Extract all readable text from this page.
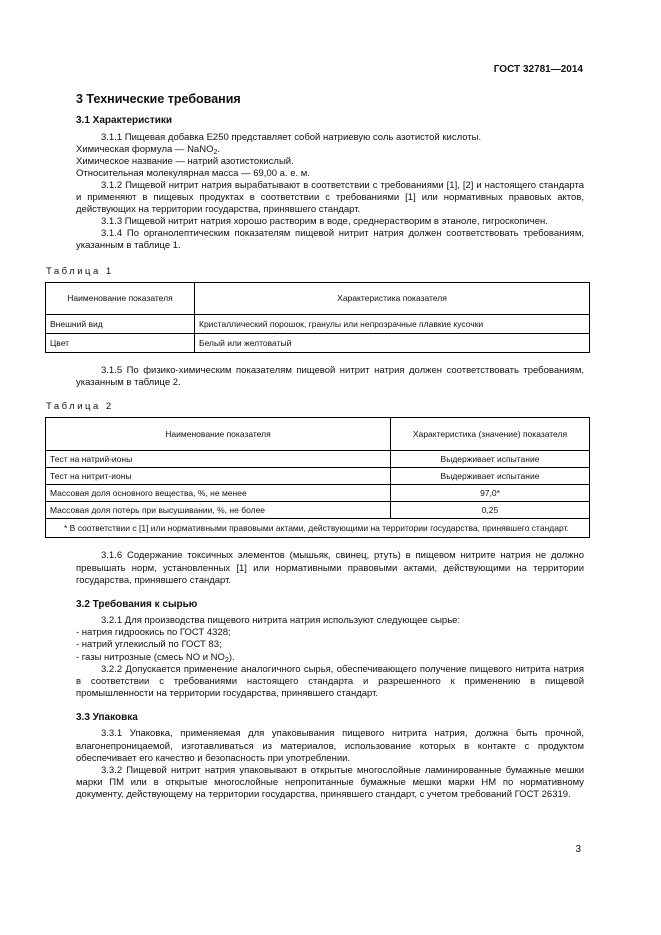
ГОСТ 32781—2014
3 Технические требования
3.1 Характеристики

3.1.1 Пищевая добавка Е250 представляет собой натриевую соль азотистой кислоты.

Химическая формула — NaNO$_2$.

Химическое название — натрий азотистокислый.

Относительная молекулярная масса — 69,00 а. е. м.

3.1.2 Пищевой нитрит натрия вырабатывают в соответствии с требованиями [1], [2] и настоящего стандарта и применяют в пищевых продуктах в соответствии с требованиями [1] или нормативных правовых актов, действующих на территории государства, принявшего стандарт.

3.1.3 Пищевой нитрит натрия хорошо растворим в воде, среднерастворим в этаноле, гигроскопичен.

3.1.4 По органолептическим показателям пищевой нитрит натрия должен соответствовать требованиям, указанным в таблице 1.

Таблица 1
Наименование показателя	Характеристика показателя
Внешний вид	Кристаллический порошок, гранулы или непрозрачные плавкие кусочки
Цвет	Белый или желтоватый

3.1.5 По физико-химическим показателям пищевой нитрит натрия должен соответствовать требованиям, указанным в таблице 2.

Таблица 2
Наименование показателя	Характеристика (значение) показателя
Тест на натрий-ионы	Выдерживает испытание
Тест на нитрит-ионы	Выдерживает испытание
Массовая доля основного вещества, %, не менее	97,0*
Массовая доля потерь при высушивании, %, не более	0,25
* В соответствии с [1] или нормативными правовыми актами, действующими на территории государства, принявшего стандарт.	

3.1.6 Содержание токсичных элементов (мышьяк, свинец, ртуть) в пищевом нитрите натрия не должно превышать норм, установленных [1] или нормативными правовыми актами, действующими на территории государства, принявшего стандарт.

3.2 Требования к сырью

3.2.1 Для производства пищевого нитрита натрия используют следующее сырье:

- натрия гидроокись по ГОСТ 4328;

- натрий углекислый по ГОСТ 83;

- газы нитрозные (смесь NO и $NO_2$).

3.2.2 Допускается применение аналогичного сырья, обеспечивающего получение пищевого нитрита натрия в соответствии с требованиями настоящего стандарта и разрешенного к применению в пищевой промышленности на территории государства, принявшего стандарт.

3.3 Упаковка

3.3.1 Упаковка, применяемая для упаковывания пищевого нитрита натрия, должна быть прочной, влагонепроницаемой, изготавливаться из материалов, использование которых в контакте с продуктом обеспечивает его качество и безопасность при употреблении.

3.3.2 Пищевой нитрит натрия упаковывают в открытые многослойные ламинированные бумажные мешки марки ПМ или в открытые многослойные непропитанные бумажные мешки марки НМ по нормативному документу, действующему на территории государства, принявшего стандарт, с учетом требований ГОСТ 26319.

3
